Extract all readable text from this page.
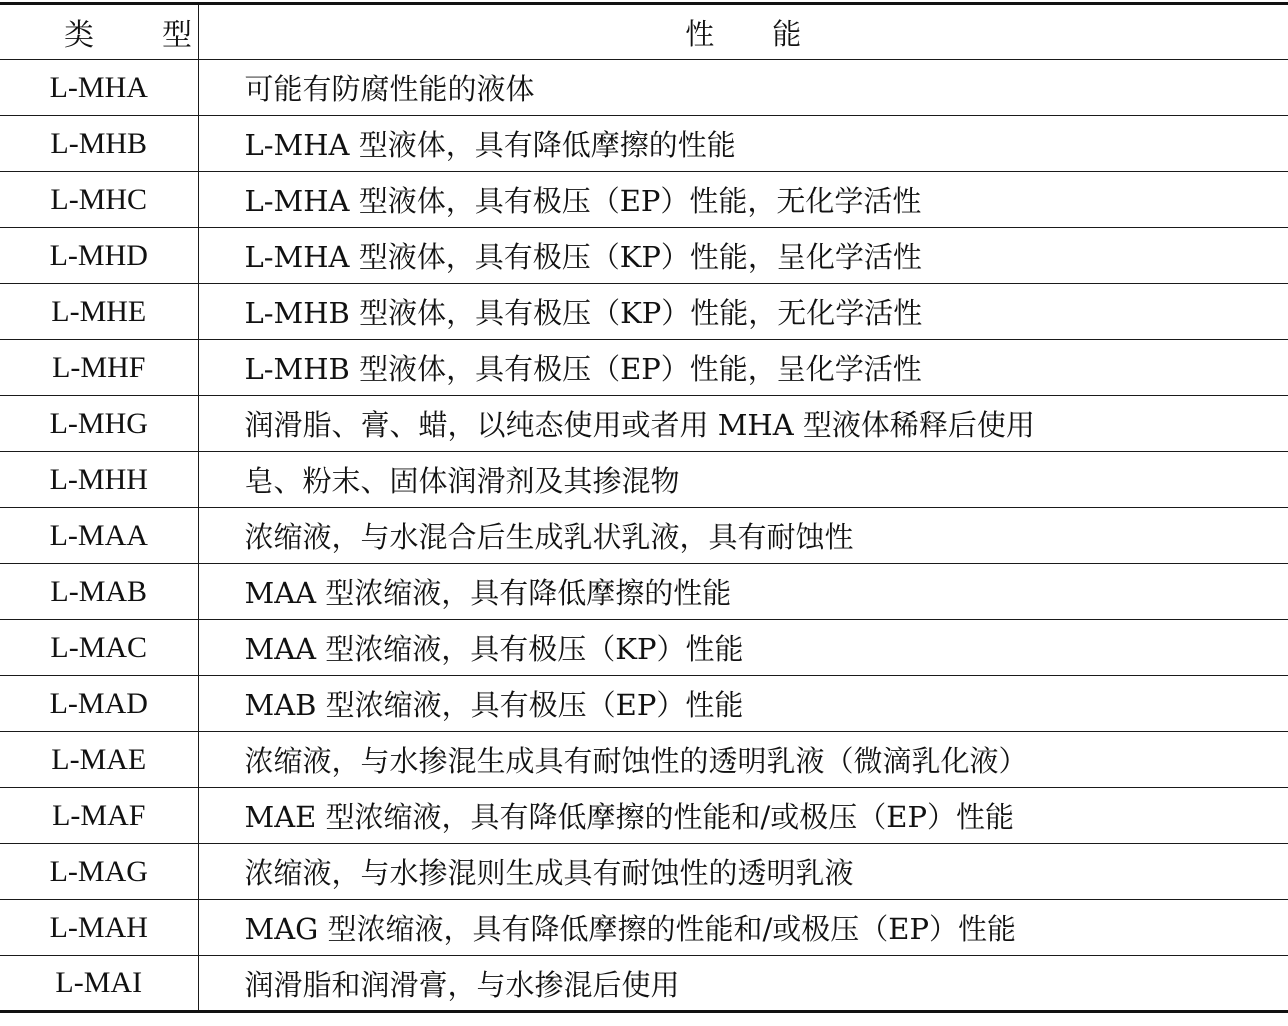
类型	性能
L-MHA	可能有防腐性能的液体
L-MHB	L-MHA 型液体，具有降低摩擦的性能
L-MHC	L-MHA 型液体，具有极压（EP）性能，无化学活性
L-MHD	L-MHA 型液体，具有极压（KP）性能，呈化学活性
L-MHE	L-MHB 型液体，具有极压（KP）性能，无化学活性
L-MHF	L-MHB 型液体，具有极压（EP）性能，呈化学活性
L-MHG	润滑脂、膏、蜡，以纯态使用或者用 MHA 型液体稀释后使用
L-MHH	皂、粉末、固体润滑剂及其掺混物
L-MAA	浓缩液，与水混合后生成乳状乳液，具有耐蚀性
L-MAB	MAA 型浓缩液，具有降低摩擦的性能
L-MAC	MAA 型浓缩液，具有极压（KP）性能
L-MAD	MAB 型浓缩液，具有极压（EP）性能
L-MAE	浓缩液，与水掺混生成具有耐蚀性的透明乳液（微滴乳化液）
L-MAF	MAE 型浓缩液，具有降低摩擦的性能和/或极压（EP）性能
L-MAG	浓缩液，与水掺混则生成具有耐蚀性的透明乳液
L-MAH	MAG 型浓缩液，具有降低摩擦的性能和/或极压（EP）性能
L-MAI	润滑脂和润滑膏，与水掺混后使用
